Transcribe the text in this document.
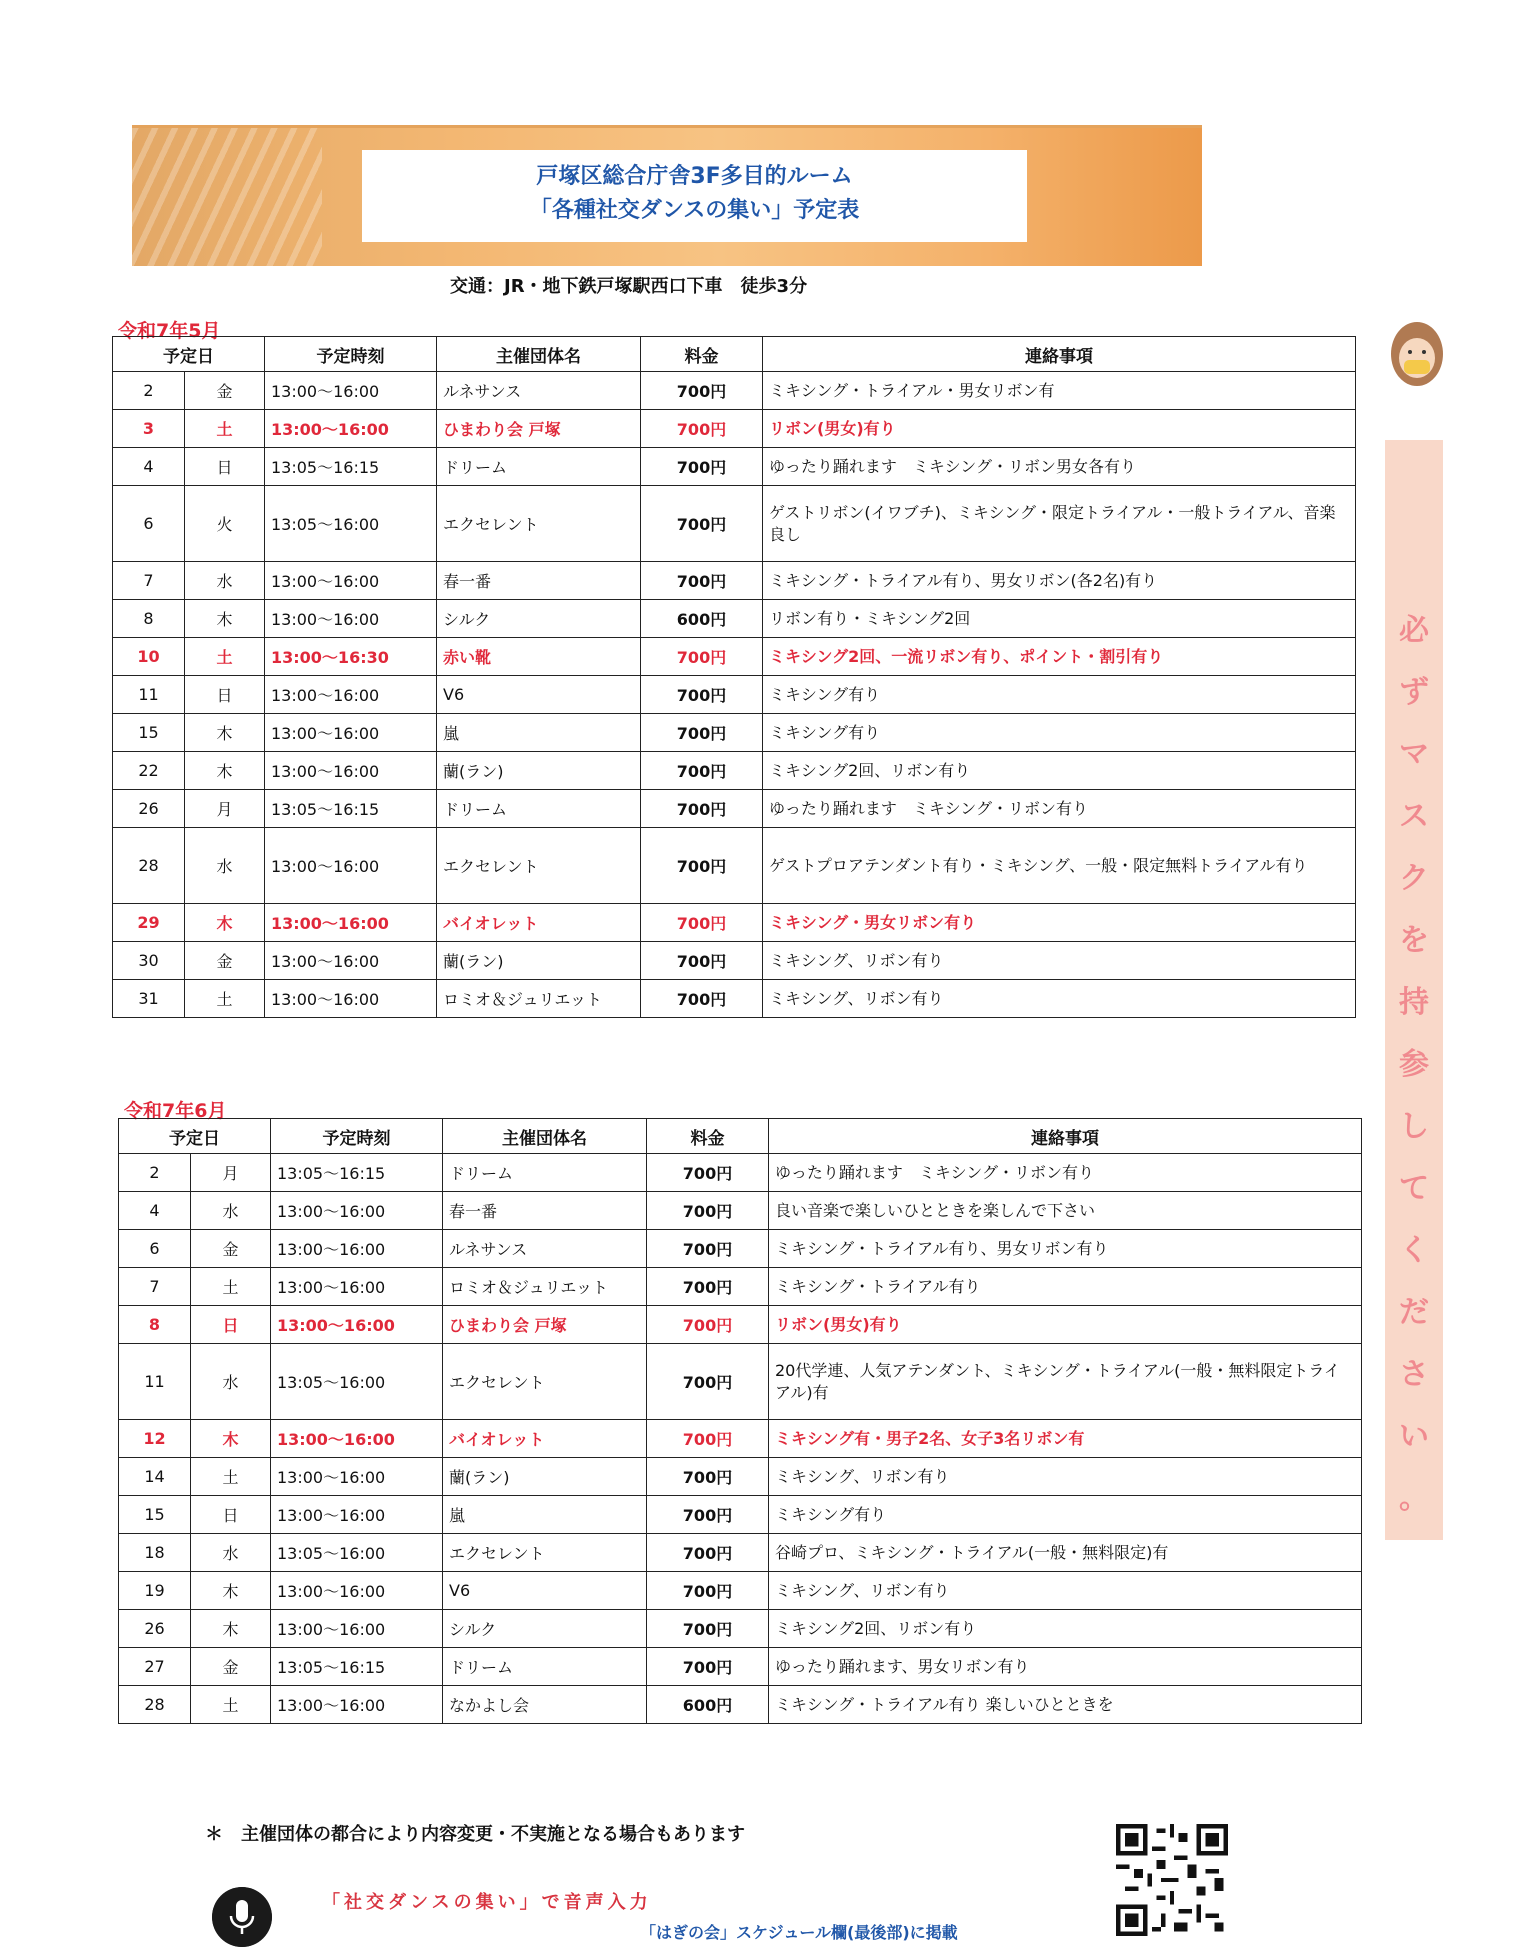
戸塚区総合庁舎3F多目的ルーム
「各種社交ダンスの集い」予定表
交通：JR・地下鉄戸塚駅西口下車　徒歩3分
令和7年5月
予定日		予定時刻	主催団体名	料金	連絡事項
2	金	13:00～16:00	ルネサンス	700円	ミキシング・トライアル・男女リボン有
3	土	13:00～16:00	ひまわり会 戸塚	700円	リボン(男女)有り
4	日	13:05～16:15	ドリーム	700円	ゆったり踊れます　ミキシング・リボン男女各有り
6	火	13:05～16:00	エクセレント	700円	ゲストリボン(イワブチ)、ミキシング・限定トライアル・一般トライアル、音楽良し
7	水	13:00～16:00	春一番	700円	ミキシング・トライアル有り、男女リボン(各2名)有り
8	木	13:00～16:00	シルク	600円	リボン有り・ミキシング2回
10	土	13:00～16:30	赤い靴	700円	ミキシング2回、一流リボン有り、ポイント・割引有り
11	日	13:00～16:00	V6	700円	ミキシング有り
15	木	13:00～16:00	嵐	700円	ミキシング有り
22	木	13:00～16:00	蘭(ラン)	700円	ミキシング2回、リボン有り
26	月	13:05～16:15	ドリーム	700円	ゆったり踊れます　ミキシング・リボン有り
28	水	13:00～16:00	エクセレント	700円	ゲストプロアテンダント有り・ミキシング、一般・限定無料トライアル有り
29	木	13:00～16:00	バイオレット	700円	ミキシング・男女リボン有り
30	金	13:00～16:00	蘭(ラン)	700円	ミキシング、リボン有り
31	土	13:00～16:00	ロミオ＆ジュリエット	700円	ミキシング、リボン有り
令和7年6月
予定日		予定時刻	主催団体名	料金	連絡事項
2	月	13:05～16:15	ドリーム	700円	ゆったり踊れます　ミキシング・リボン有り
4	水	13:00～16:00	春一番	700円	良い音楽で楽しいひとときを楽しんで下さい
6	金	13:00～16:00	ルネサンス	700円	ミキシング・トライアル有り、男女リボン有り
7	土	13:00～16:00	ロミオ＆ジュリエット	700円	ミキシング・トライアル有り
8	日	13:00～16:00	ひまわり会 戸塚	700円	リボン(男女)有り
11	水	13:05～16:00	エクセレント	700円	20代学連、人気アテンダント、ミキシング・トライアル(一般・無料限定トライアル)有
12	木	13:00～16:00	バイオレット	700円	ミキシング有・男子2名、女子3名リボン有
14	土	13:00～16:00	蘭(ラン)	700円	ミキシング、リボン有り
15	日	13:00～16:00	嵐	700円	ミキシング有り
18	水	13:05～16:00	エクセレント	700円	谷崎プロ、ミキシング・トライアル(一般・無料限定)有
19	木	13:00～16:00	V6	700円	ミキシング、リボン有り
26	木	13:00～16:00	シルク	700円	ミキシング2回、リボン有り
27	金	13:05～16:15	ドリーム	700円	ゆったり踊れます、男女リボン有り
28	土	13:00～16:00	なかよし会	600円	ミキシング・トライアル有り 楽しいひとときを
必
ず
マ
ス
ク
を
持
参
し
て
く
だ
さ
い
。
＊　主催団体の都合により内容変更・不実施となる場合もあります
「社交ダンスの集い」で音声入力
「はぎの会」スケジュール欄(最後部)に掲載
